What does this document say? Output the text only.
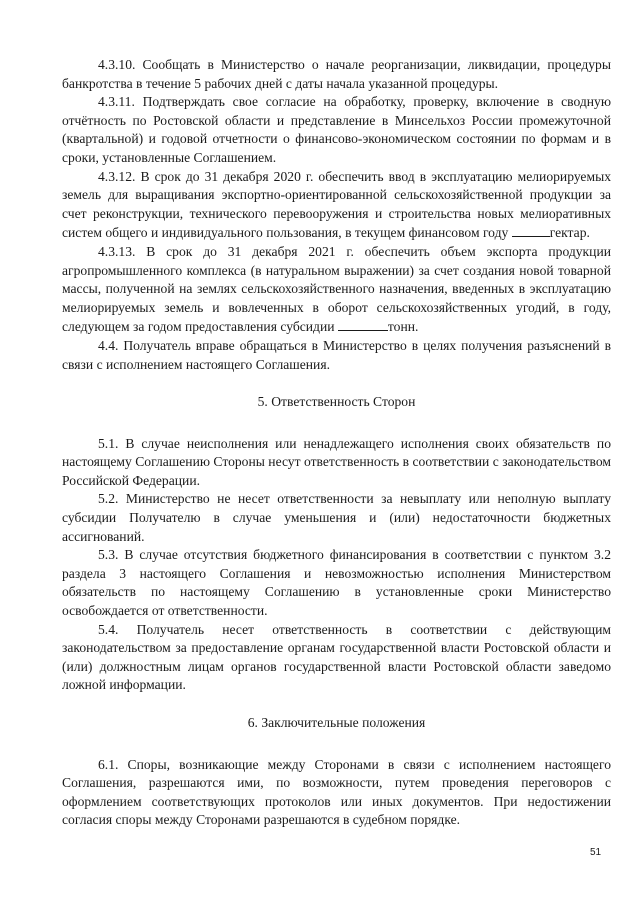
4.3.10. Сообщать в Министерство о начале реорганизации, ликвидации, процедуры банкротства в течение 5 рабочих дней с даты начала указанной процедуры.

4.3.11. Подтверждать свое согласие на обработку, проверку, включение в сводную отчётность по Ростовской области и представление в Минсельхоз России промежуточной (квартальной) и годовой отчетности о финансово-экономическом состоянии по формам и в сроки, установленные Соглашением.

4.3.12. В срок до 31 декабря 2020 г. обеспечить ввод в эксплуатацию мелиорируемых земель для выращивания экспортно-ориентированной сельскохозяйственной продукции за счет реконструкции, технического перевооружения и строительства новых мелиоративных систем общего и индивидуального пользования, в текущем финансовом году	гектар.

4.3.13. В срок до 31 декабря 2021 г. обеспечить объем экспорта продукции агропромышленного комплекса (в натуральном выражении) за счет создания новой товарной массы, полученной на землях сельскохозяйственного назначения, введенных в эксплуатацию мелиорируемых земель и вовлеченных в оборот сельскохозяйственных угодий, в году, следующем за годом предоставления субсидии	тонн.

4.4. Получатель вправе обращаться в Министерство в целях получения разъяснений в связи с исполнением настоящего Соглашения.

5. Ответственность Сторон

5.1. В случае неисполнения или ненадлежащего исполнения своих обязательств по настоящему Соглашению Стороны несут ответственность в соответствии с законодательством Российской Федерации.

5.2. Министерство не несет ответственности за невыплату или неполную выплату субсидии Получателю в случае уменьшения и (или) недостаточности бюджетных ассигнований.

5.3. В случае отсутствия бюджетного финансирования в соответствии с пунктом 3.2 раздела 3 настоящего Соглашения и невозможностью исполнения Министерством обязательств по настоящему Соглашению в установленные сроки Министерство освобождается от ответственности.

5.4. Получатель несет ответственность в соответствии с действующим законодательством за предоставление органам государственной власти Ростовской области и (или) должностным лицам органов государственной власти Ростовской области заведомо ложной информации.

6. Заключительные положения

6.1. Споры, возникающие между Сторонами в связи с исполнением настоящего Соглашения, разрешаются ими, по возможности, путем проведения переговоров с оформлением соответствующих протоколов или иных документов. При недостижении согласия споры между Сторонами разрешаются в судебном порядке.

51
